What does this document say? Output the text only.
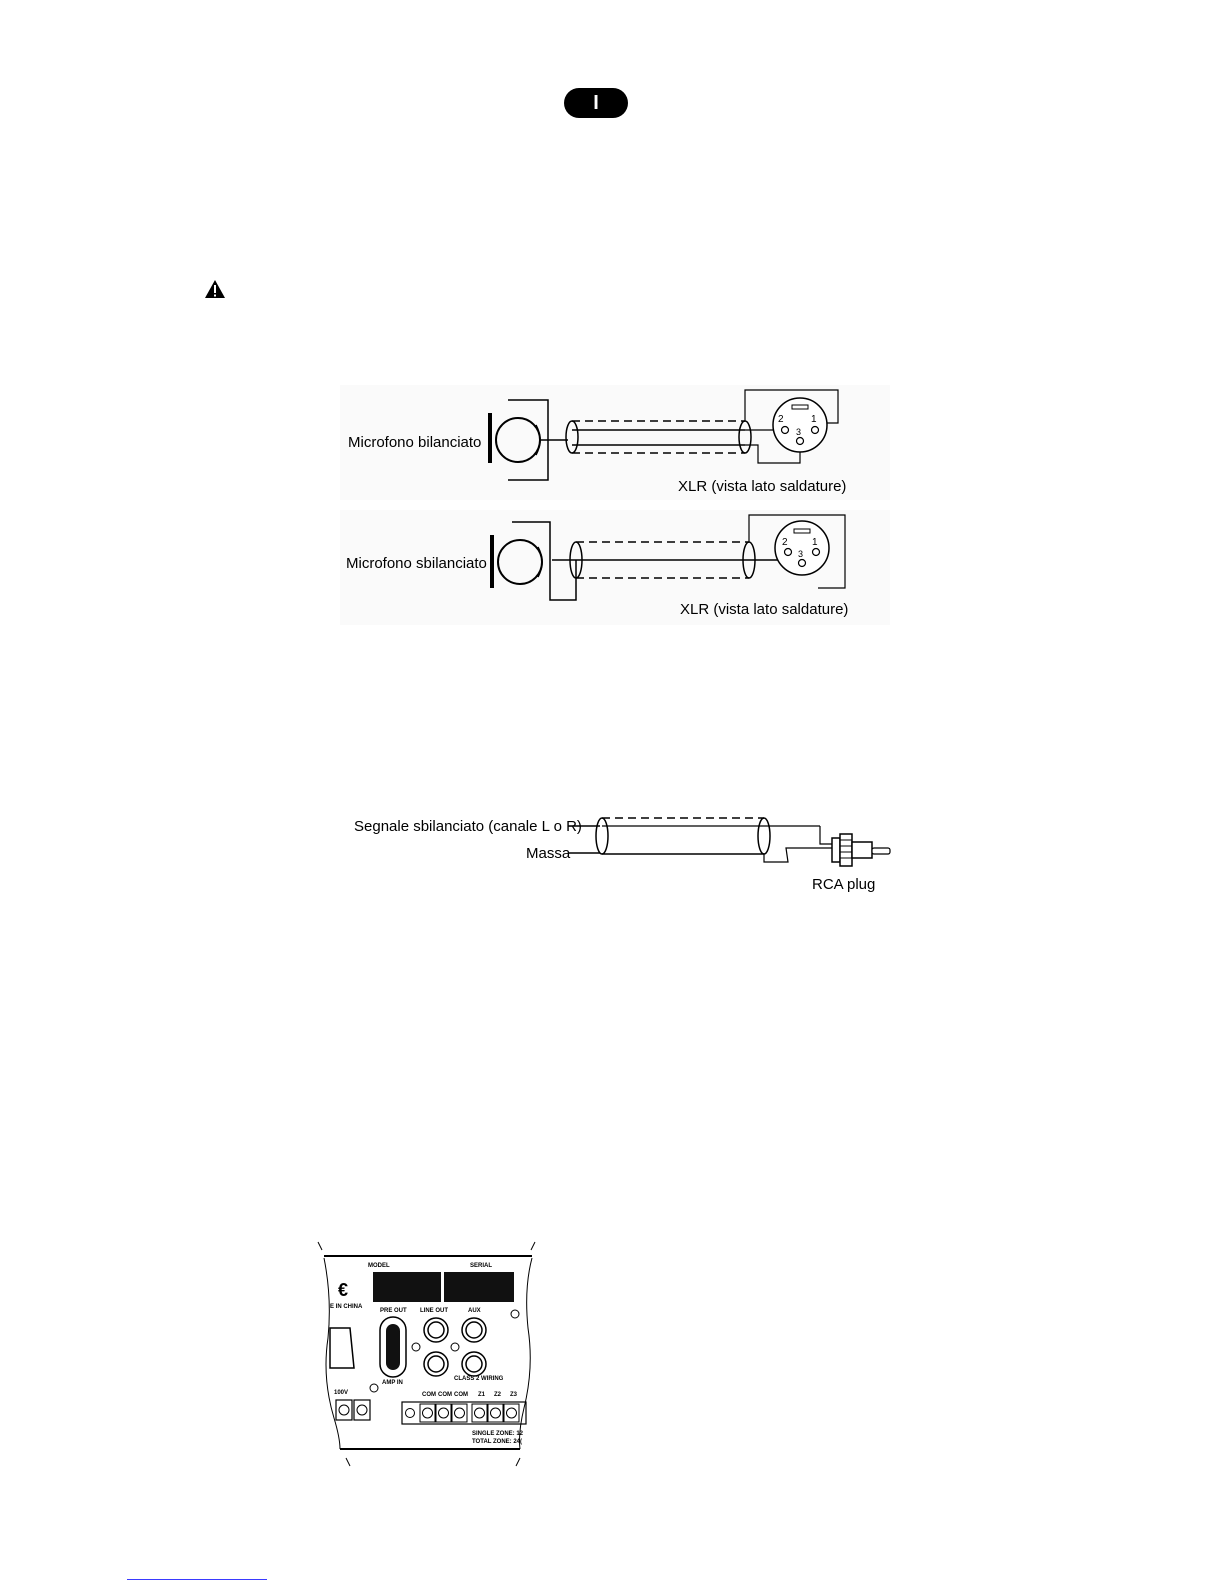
I
Microfono bilanciato
2	1
3
XLR (vista lato saldature)
Microfono sbilanciato
2 1
3
XLR (vista lato saldature)
Segnale sbilanciato (canale L o R)
Massa
RCA plug
MODEL	SERIAL
€
E IN CHINA
PRE OUT LINE OUT	AUX
AMP IN
CLASS 2 WIRING
100V	COM COM COM Z1 Z2 Z3
SINGLE ZONE: 12
TOTAL ZONE: 24(
